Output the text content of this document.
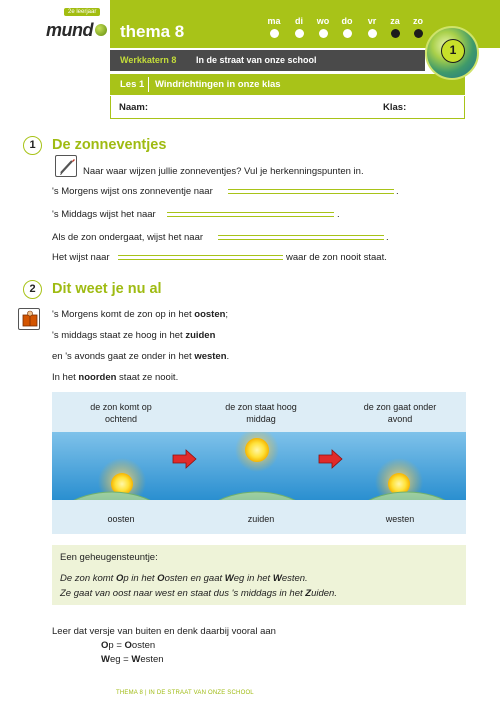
2e leerjaar
mund thema 8
ma	di	wo	do	vr	za	zo
Werkkatern 8 In de straat van onze school
Les 1 Windrichtingen in onze klas
Naam:	Klas:
1
1	De zonneventjes
Naar waar wijzen jullie zonneventjes? Vul je herkenningspunten in.
's Morgens wijst ons zonneventje naar	.
's Middags wijst het naar	.
Als de zon ondergaat, wijst het naar	.
Het wijst naar	waar de zon nooit staat.
2	Dit weet je nu al
's Morgens komt de zon op in het oosten;
's middags staat ze hoog in het zuiden
en 's avonds gaat ze onder in het westen.
In het noorden staat ze nooit.
de zon komt op
ochtend
de zon staat hoog
middag
de zon gaat onder
avond
oosten	zuiden	westen
Een geheugensteuntje:
De zon komt Op in het Oosten en gaat Weg in het Westen.
Ze gaat van oost naar west en staat dus 's middags in het Zuiden.
Leer dat versje van buiten en denk daarbij vooral aan
Op = Oosten
Weg = Westen
THEMA 8 | IN DE STRAAT VAN ONZE SCHOOL
